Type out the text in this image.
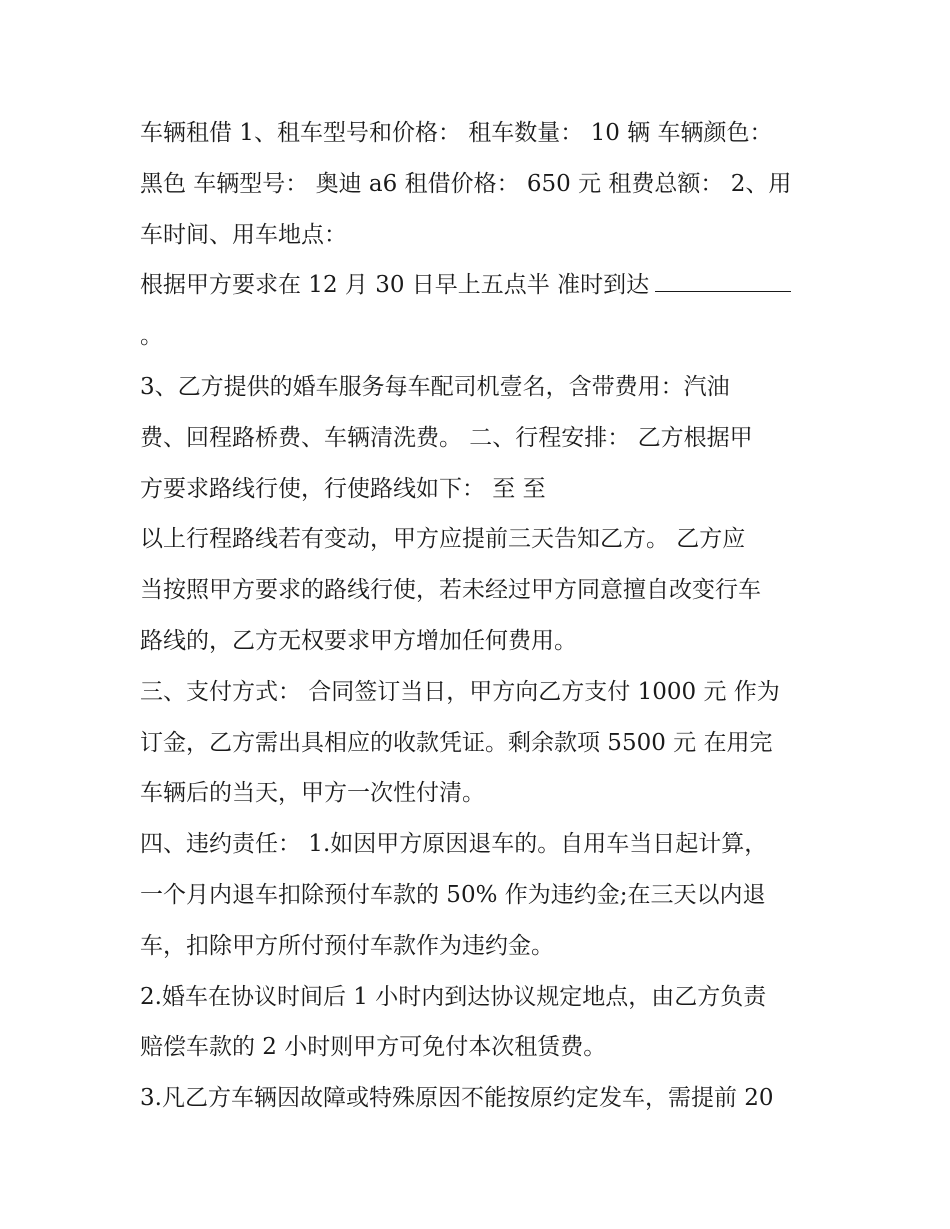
车辆租借 1、租车型号和价格： 租车数量： 10 辆 车辆颜色：
黑色 车辆型号： 奥迪 a6 租借价格： 650 元 租费总额： 2、用
车时间、用车地点：
根据甲方要求在 12 月 30 日早上五点半 准时到达
。
3、乙方提供的婚车服务每车配司机壹名，含带费用：汽油
费、回程路桥费、车辆清洗费。 二、行程安排： 乙方根据甲
方要求路线行使，行使路线如下： 至 至
以上行程路线若有变动，甲方应提前三天告知乙方。 乙方应
当按照甲方要求的路线行使，若未经过甲方同意擅自改变行车
路线的，乙方无权要求甲方增加任何费用。
三、支付方式： 合同签订当日，甲方向乙方支付 1000 元 作为
订金，乙方需出具相应的收款凭证。剩余款项 5500 元 在用完
车辆后的当天，甲方一次性付清。
四、违约责任： 1.如因甲方原因退车的。自用车当日起计算，
一个月内退车扣除预付车款的 50% 作为违约金;在三天以内退
车，扣除甲方所付预付车款作为违约金。
2.婚车在协议时间后 1 小时内到达协议规定地点，由乙方负责
赔偿车款的 2 小时则甲方可免付本次租赁费。
3.凡乙方车辆因故障或特殊原因不能按原约定发车，需提前 20
